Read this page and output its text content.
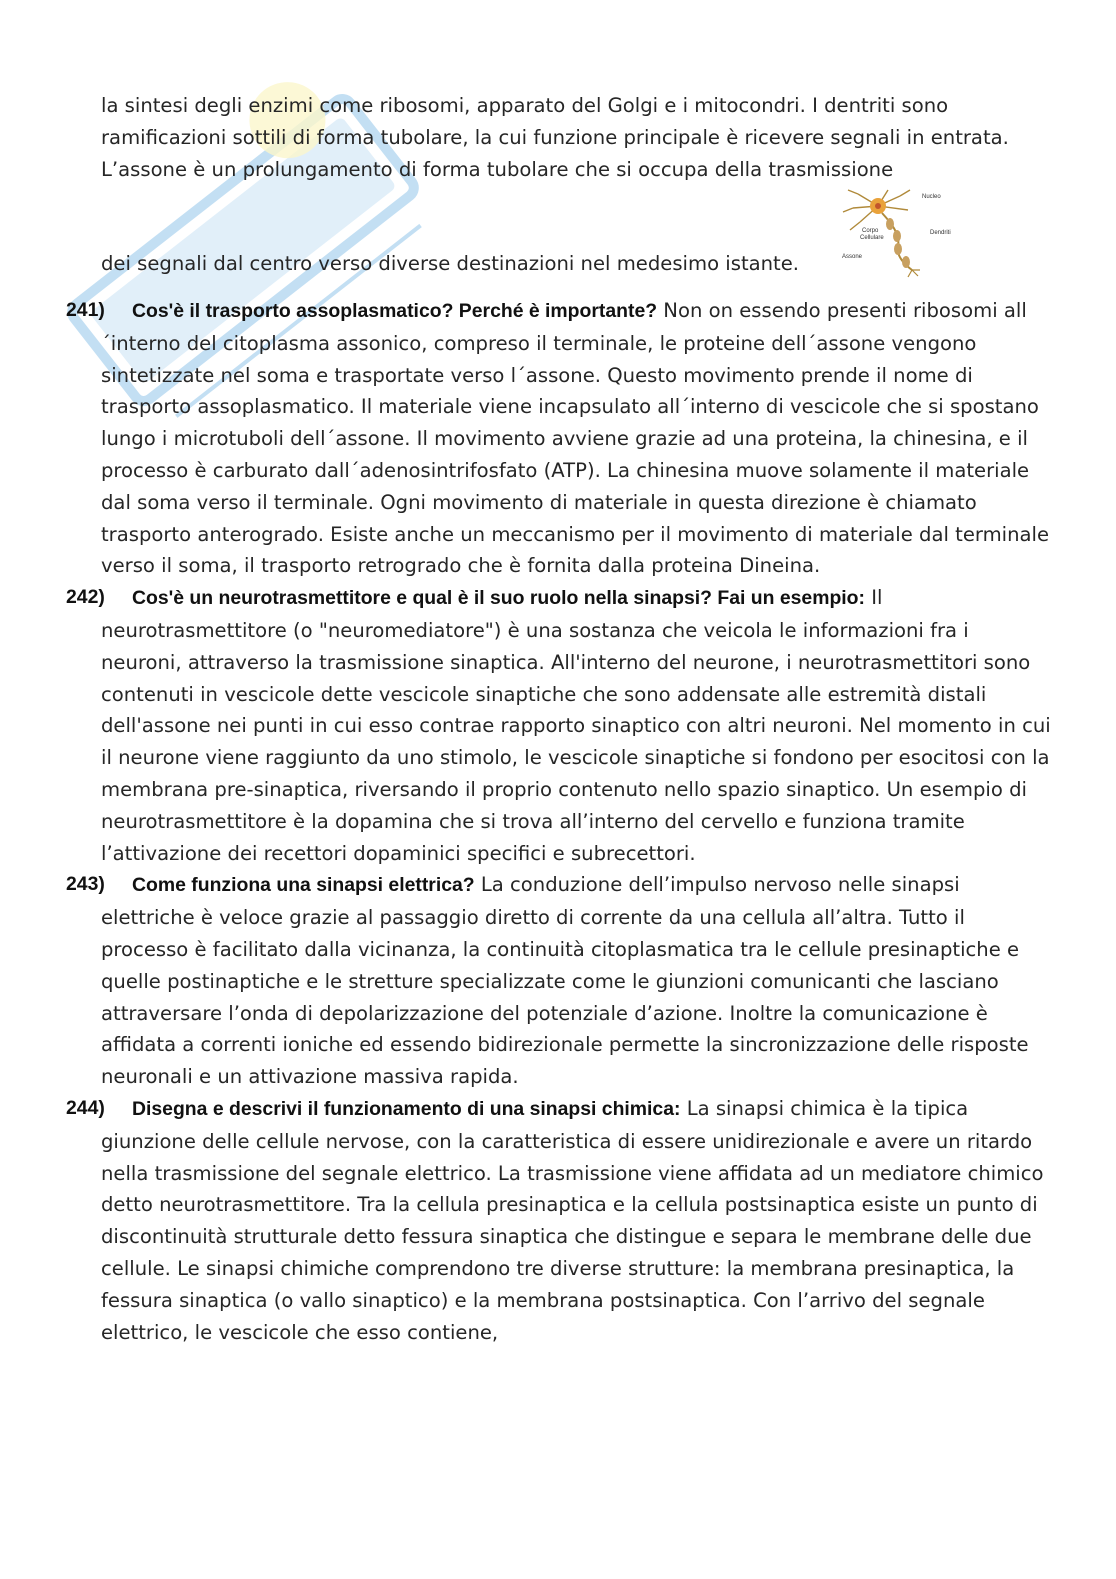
la sintesi degli enzimi come ribosomi, apparato del Golgi e i mitocondri. I dentriti sono ramificazioni sottili di forma tubolare, la cui funzione principale è ricevere segnali in entrata. L’assone è un prolungamento di forma tubolare che si occupa della trasmissione

dei segnali dal centro verso diverse destinazioni nel medesimo istante.

Nucleo
Corpo
Cellulare
Dendriti
Assone

241)	Cos'è il trasporto assoplasmatico? Perché è importante? Non on essendo presenti ribosomi all´interno del citoplasma assonico, compreso il terminale, le proteine dell´assone vengono sintetizzate nel soma e trasportate verso l´assone. Questo movimento prende il nome di trasporto assoplasmatico. Il materiale viene incapsulato all´interno di vescicole che si spostano lungo i microtuboli dell´assone. Il movimento avviene grazie ad una proteina, la chinesina, e il processo è carburato dall´adenosintrifosfato (ATP). La chinesina muove solamente il materiale dal soma verso il terminale. Ogni movimento di materiale in questa direzione è chiamato trasporto anterogrado. Esiste anche un meccanismo per il movimento di materiale dal terminale verso il soma, il trasporto retrogrado che è fornita dalla proteina Dineina.

242)	Cos'è un neurotrasmettitore e qual è il suo ruolo nella sinapsi? Fai un esempio: Il neurotrasmettitore (o "neuromediatore") è una sostanza che veicola le informazioni fra i neuroni, attraverso la trasmissione sinaptica. All'interno del neurone, i neurotrasmettitori sono contenuti in vescicole dette vescicole sinaptiche che sono addensate alle estremità distali dell'assone nei punti in cui esso contrae rapporto sinaptico con altri neuroni. Nel momento in cui il neurone viene raggiunto da uno stimolo, le vescicole sinaptiche si fondono per esocitosi con la membrana pre-sinaptica, riversando il proprio contenuto nello spazio sinaptico. Un esempio di neurotrasmettitore è la dopamina che si trova all’interno del cervello e funziona tramite l’attivazione dei recettori dopaminici specifici e subrecettori.

243)	Come funziona una sinapsi elettrica? La conduzione dell’impulso nervoso nelle sinapsi elettriche è veloce grazie al passaggio diretto di corrente da una cellula all’altra. Tutto il processo è facilitato dalla vicinanza, la continuità citoplasmatica tra le cellule presinaptiche e quelle postinaptiche e le stretture specializzate come le giunzioni comunicanti che lasciano attraversare l’onda di depolarizzazione del potenziale d’azione. Inoltre la comunicazione è affidata a correnti ioniche ed essendo bidirezionale permette la sincronizzazione delle risposte neuronali e un attivazione massiva rapida.

244)	Disegna e descrivi il funzionamento di una sinapsi chimica: La sinapsi chimica è la tipica giunzione delle cellule nervose, con la caratteristica di essere unidirezionale e avere un ritardo nella trasmissione del segnale elettrico. La trasmissione viene affidata ad un mediatore chimico detto neurotrasmettitore. Tra la cellula presinaptica e la cellula postsinaptica esiste un punto di discontinuità strutturale detto fessura sinaptica che distingue e separa le membrane delle due cellule. Le sinapsi chimiche comprendono tre diverse strutture: la membrana presinaptica, la fessura sinaptica (o vallo sinaptico) e la membrana postsinaptica. Con l’arrivo del segnale elettrico, le vescicole che esso contiene,
